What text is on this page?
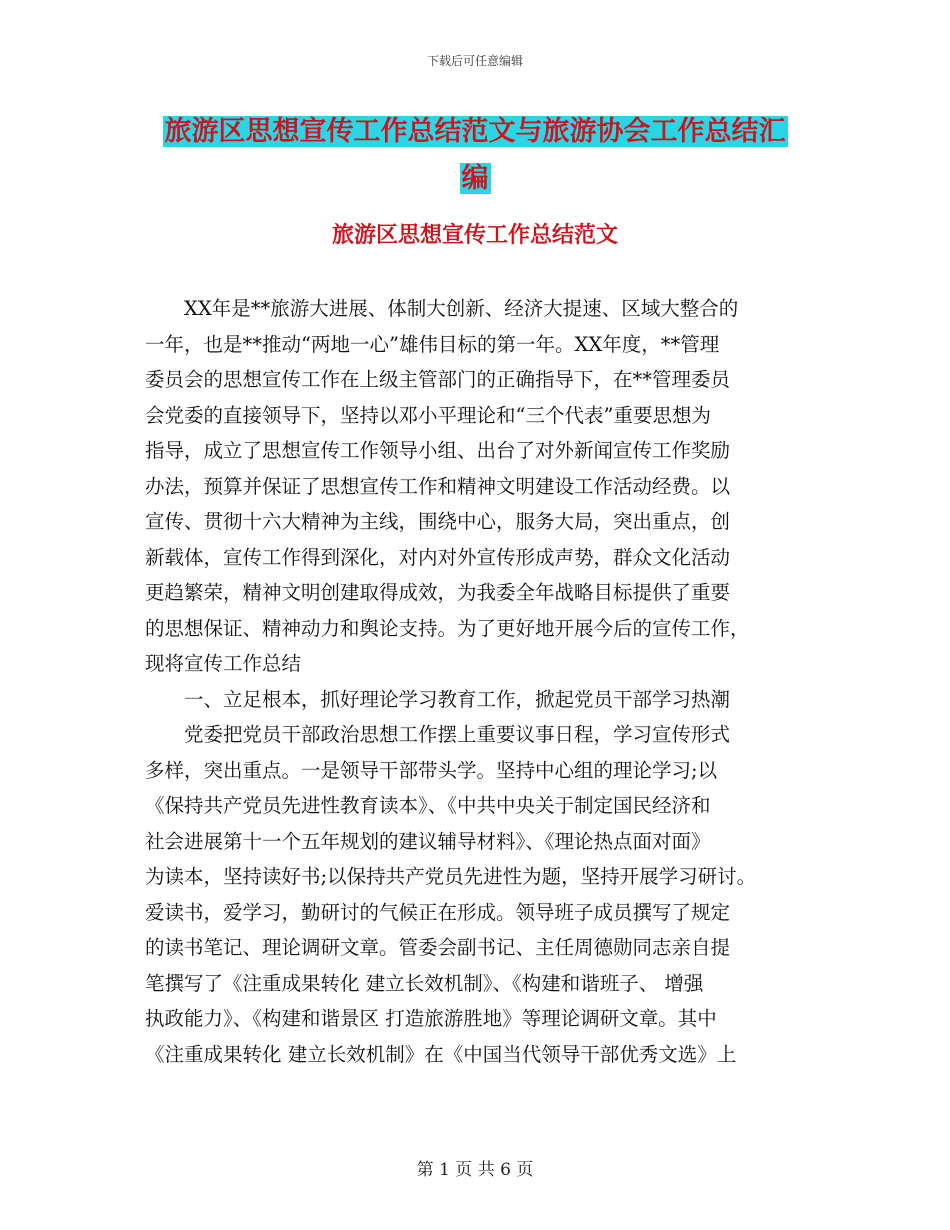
下载后可任意编辑
旅游区思想宣传工作总结范文与旅游协会工作总结汇
编
旅游区思想宣传工作总结范文
XX年是**旅游大进展、体制大创新、经济大提速、区域大整合的
一年，也是**推动“两地一心”雄伟目标的第一年。XX年度，**管理
委员会的思想宣传工作在上级主管部门的正确指导下，在**管理委员
会党委的直接领导下，坚持以邓小平理论和“三个代表”重要思想为
指导，成立了思想宣传工作领导小组、出台了对外新闻宣传工作奖励
办法，预算并保证了思想宣传工作和精神文明建设工作活动经费。以
宣传、贯彻十六大精神为主线，围绕中心，服务大局，突出重点，创
新载体，宣传工作得到深化，对内对外宣传形成声势，群众文化活动
更趋繁荣，精神文明创建取得成效，为我委全年战略目标提供了重要
的思想保证、精神动力和舆论支持。为了更好地开展今后的宣传工作，
现将宣传工作总结
一、立足根本，抓好理论学习教育工作，掀起党员干部学习热潮
党委把党员干部政治思想工作摆上重要议事日程，学习宣传形式
多样，突出重点。一是领导干部带头学。坚持中心组的理论学习;以
《保持共产党员先进性教育读本》、《中共中央关于制定国民经济和
社会进展第十一个五年规划的建议辅导材料》、《理论热点面对面》
为读本，坚持读好书;以保持共产党员先进性为题，坚持开展学习研讨。
爱读书，爱学习，勤研讨的气候正在形成。领导班子成员撰写了规定
的读书笔记、理论调研文章。管委会副书记、主任周德勋同志亲自提
笔撰写了《注重成果转化 建立长效机制》、《构建和谐班子、 增强
执政能力》、《构建和谐景区 打造旅游胜地》等理论调研文章。其中
《注重成果转化 建立长效机制》在《中国当代领导干部优秀文选》上
第 1 页 共 6 页
